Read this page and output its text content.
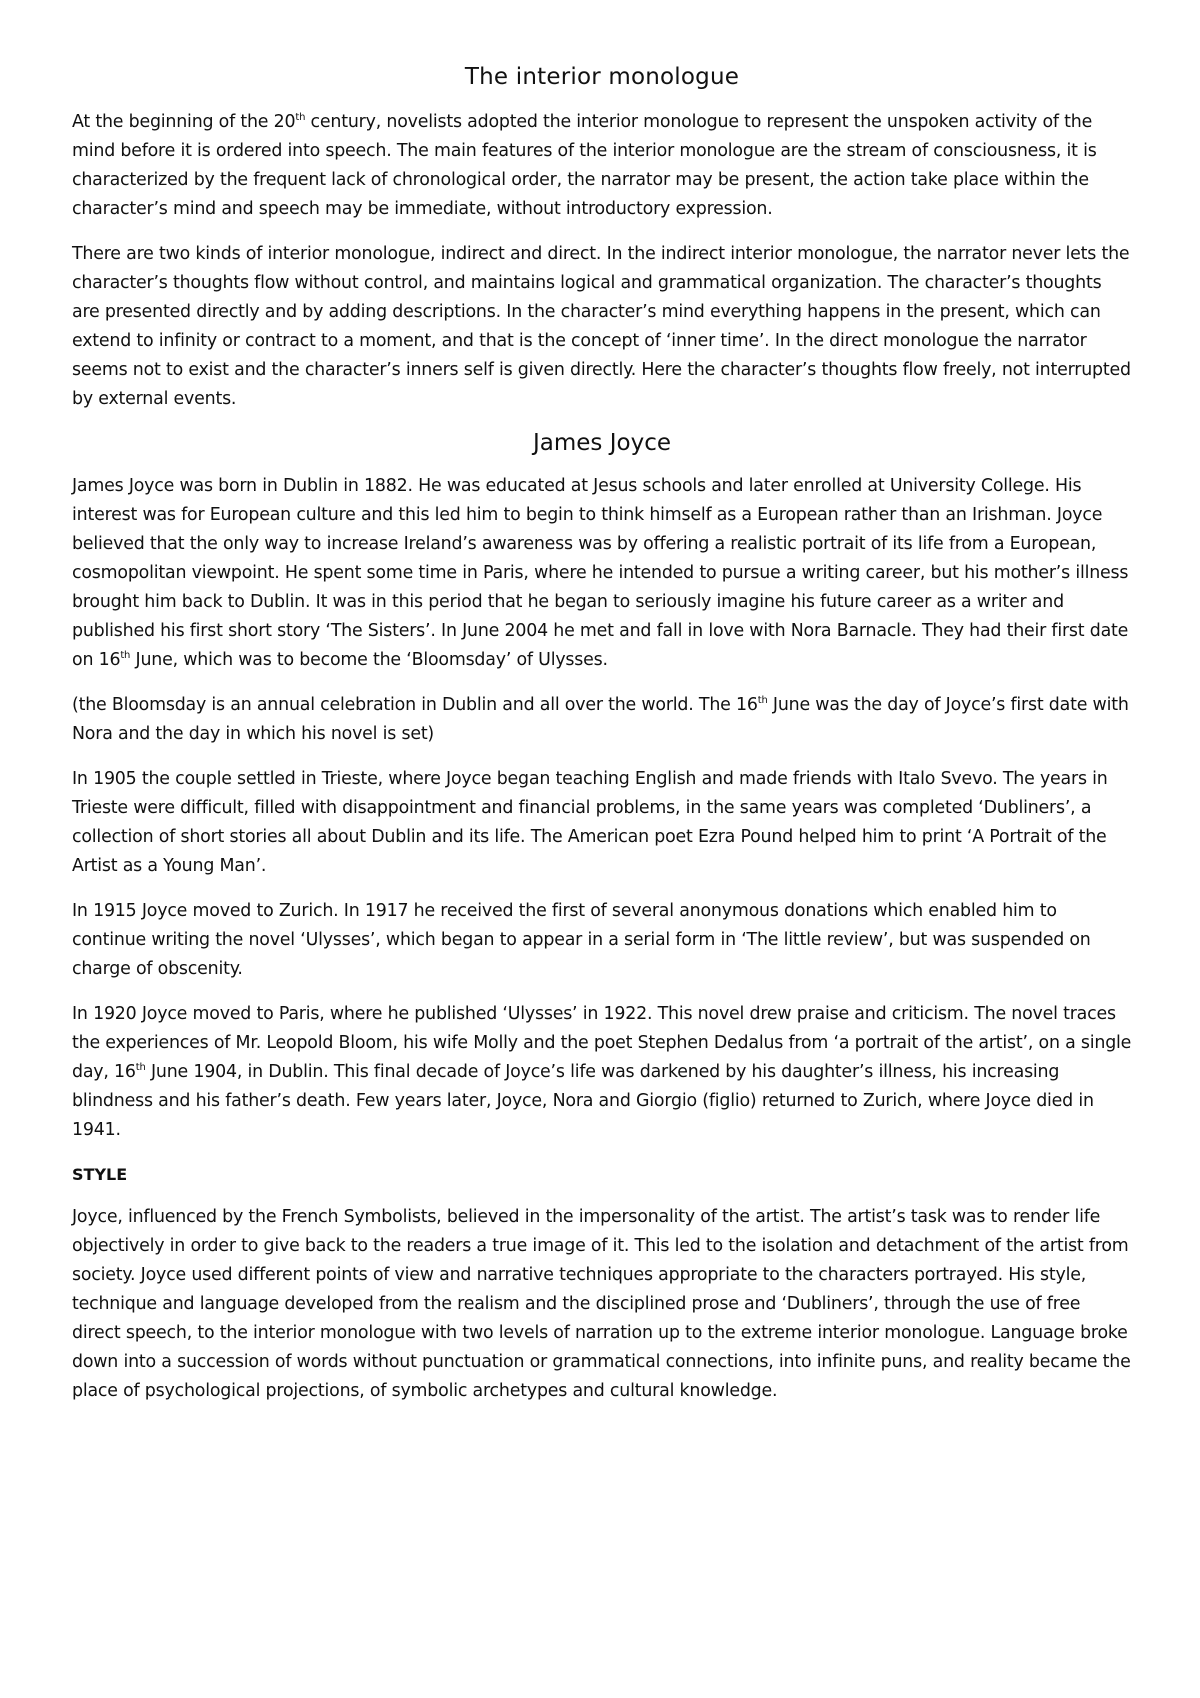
The interior monologue

At the beginning of the 20th century, novelists adopted the interior monologue to represent the unspoken activity of the mind before it is ordered into speech. The main features of the interior monologue are the stream of consciousness, it is characterized by the frequent lack of chronological order, the narrator may be present, the action take place within the character’s mind and speech may be immediate, without introductory expression.

There are two kinds of interior monologue, indirect and direct. In the indirect interior monologue, the narrator never lets the character’s thoughts flow without control, and maintains logical and grammatical organization. The character’s thoughts are presented directly and by adding descriptions. In the character’s mind everything happens in the present, which can extend to infinity or contract to a moment, and that is the concept of ‘inner time’. In the direct monologue the narrator seems not to exist and the character’s inners self is given directly. Here the character’s thoughts flow freely, not interrupted by external events.

James Joyce

James Joyce was born in Dublin in 1882. He was educated at Jesus schools and later enrolled at University College. His interest was for European culture and this led him to begin to think himself as a European rather than an Irishman. Joyce believed that the only way to increase Ireland’s awareness was by offering a realistic portrait of its life from a European, cosmopolitan viewpoint. He spent some time in Paris, where he intended to pursue a writing career, but his mother’s illness brought him back to Dublin. It was in this period that he began to seriously imagine his future career as a writer and published his first short story ‘The Sisters’. In June 2004 he met and fall in love with Nora Barnacle. They had their first date on 16th June, which was to become the ‘Bloomsday’ of Ulysses.

(the Bloomsday is an annual celebration in Dublin and all over the world. The 16th June was the day of Joyce’s first date with Nora and the day in which his novel is set)

In 1905 the couple settled in Trieste, where Joyce began teaching English and made friends with Italo Svevo. The years in Trieste were difficult, filled with disappointment and financial problems, in the same years was completed ‘Dubliners’, a collection of short stories all about Dublin and its life. The American poet Ezra Pound helped him to print ‘A Portrait of the Artist as a Young Man’.

In 1915 Joyce moved to Zurich. In 1917 he received the first of several anonymous donations which enabled him to continue writing the novel ‘Ulysses’, which began to appear in a serial form in ‘The little review’, but was suspended on charge of obscenity.

In 1920 Joyce moved to Paris, where he published ‘Ulysses’ in 1922. This novel drew praise and criticism. The novel traces the experiences of Mr. Leopold Bloom, his wife Molly and the poet Stephen Dedalus from ‘a portrait of the artist’, on a single day, 16th June 1904, in Dublin. This final decade of Joyce’s life was darkened by his daughter’s illness, his increasing blindness and his father’s death. Few years later, Joyce, Nora and Giorgio (figlio) returned to Zurich, where Joyce died in 1941.

STYLE

Joyce, influenced by the French Symbolists, believed in the impersonality of the artist. The artist’s task was to render life objectively in order to give back to the readers a true image of it. This led to the isolation and detachment of the artist from society. Joyce used different points of view and narrative techniques appropriate to the characters portrayed. His style, technique and language developed from the realism and the disciplined prose and ‘Dubliners’, through the use of free direct speech, to the interior monologue with two levels of narration up to the extreme interior monologue. Language broke down into a succession of words without punctuation or grammatical connections, into infinite puns, and reality became the place of psychological projections, of symbolic archetypes and cultural knowledge.
